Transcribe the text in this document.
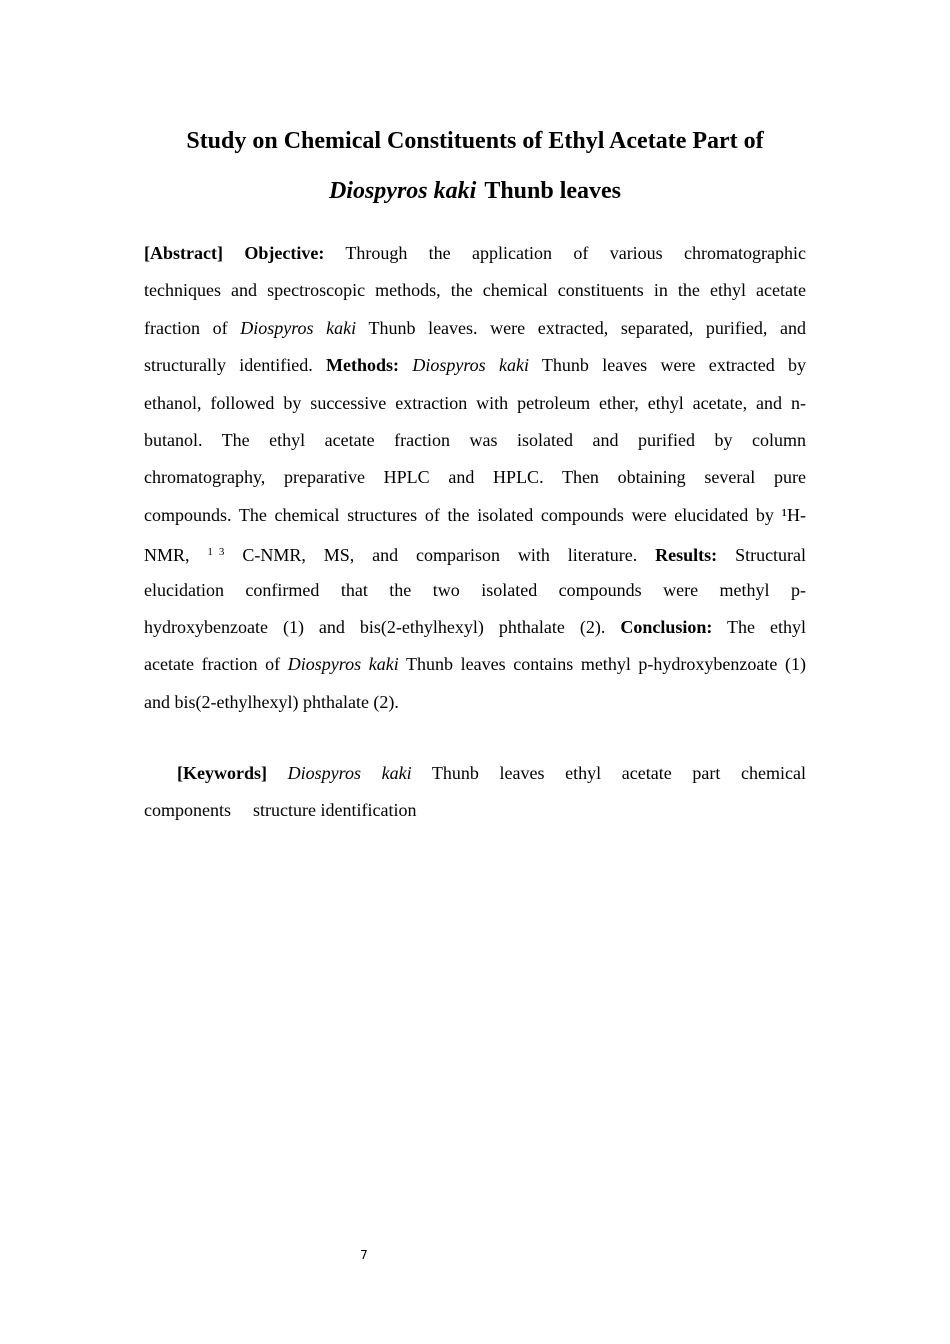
Study on Chemical Constituents of Ethyl Acetate Part of
Diospyros kaki Thunb leaves
[Abstract] Objective: Through the application of various chromatographic
techniques and spectroscopic methods, the chemical constituents in the ethyl acetate
fraction of Diospyros kaki Thunb leaves. were extracted, separated, purified, and
structurally identified. Methods: Diospyros kaki Thunb leaves were extracted by
ethanol, followed by successive extraction with petroleum ether, ethyl acetate, and n-
butanol. The ethyl acetate fraction was isolated and purified by column
chromatography, preparative HPLC and HPLC. Then obtaining several pure
compounds. The chemical structures of the isolated compounds were elucidated by ¹H-
NMR, $^1$ $^3$ C-NMR, MS, and comparison with literature. Results: Structural
elucidation confirmed that the two isolated compounds were methyl p-
hydroxybenzoate (1) and bis(2-ethylhexyl) phthalate (2). Conclusion: The ethyl
acetate fraction of Diospyros kaki Thunb leaves contains methyl p-hydroxybenzoate (1)
and bis(2-ethylhexyl) phthalate (2).
[Keywords] Diospyros kaki Thunb leaves ethyl acetate part chemical
components structure identification
7
